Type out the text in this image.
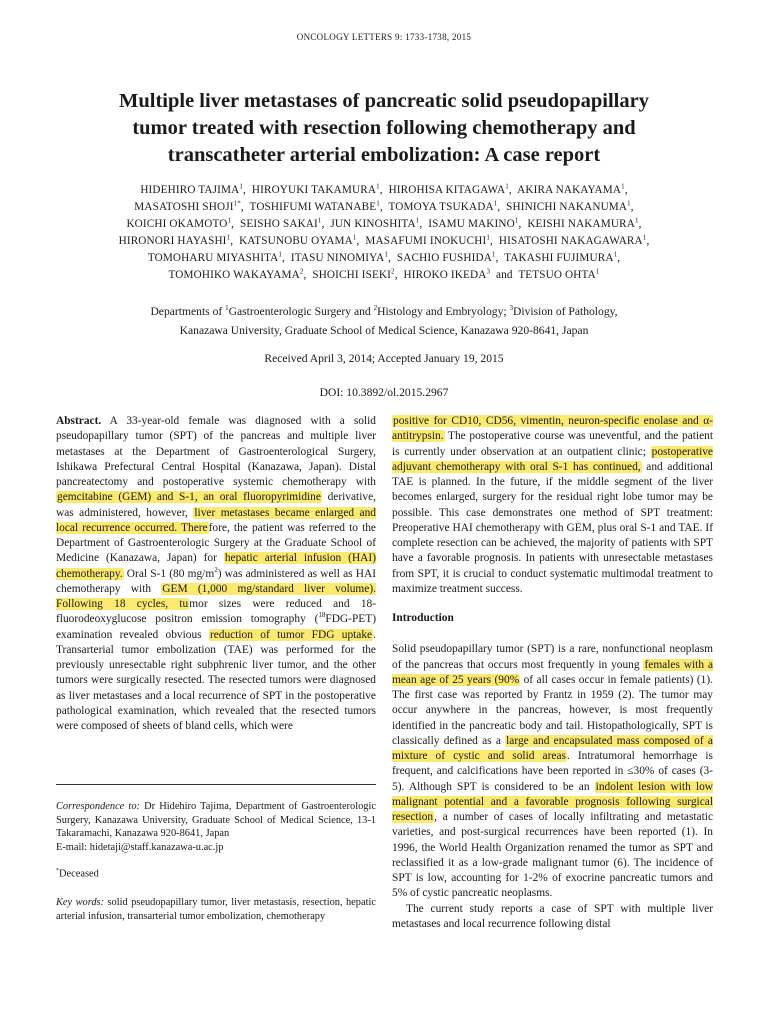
ONCOLOGY LETTERS 9: 1733-1738, 2015
Multiple liver metastases of pancreatic solid pseudopapillary
tumor treated with resection following chemotherapy and
transcatheter arterial embolization: A case report
HIDEHIRO TAJIMA$^1$,  HIROYUKI TAKAMURA$^1$,  HIROHISA KITAGAWA$^1$,  AKIRA NAKAYAMA$^1$,
MASATOSHI $SHOJI^{1*}$,  TOSHIFUMI WATANABE$^1$,  TOMOYA TSUKADA$^1$,  SHINICHI NAKANUMA$^1$,
KOICHI OKAMOTO$^1$,  SEISHO SAKAI$^1$,  JUN KINOSHITA$^1$,  ISAMU MAKINO$^1$,  KEISHI NAKAMURA$^1$,
HIRONORI HAYASHI$^1$,  KATSUNOBU OYAMA$^1$,  MASAFUMI INOKUCHI$^1$,  HISATOSHI NAKAGAWARA$^1$,
TOMOHARU MIYASHITA$^1$,  ITASU NINOMIYA$^1$,  SACHIO FUSHIDA$^1$,  TAKASHI FUJIMURA$^1$,
TOMOHIKO WAKAYAMA$^2$,  SHOICHI ISEKI$^2$,  HIROKO IKEDA$^3$ and TETSUO OHTA$^1$
Departments of $^1$Gastroenterologic Surgery and $^2$Histology and Embryology; $^3$Division of Pathology,
Kanazawa University, Graduate School of Medical Science, Kanazawa 920-8641, Japan
Received April 3, 2014; Accepted January 19, 2015
DOI: 10.3892/ol.2015.2967

Abstract. A 33-year-old female was diagnosed with a solid pseudopapillary tumor (SPT) of the pancreas and multiple liver metastases at the Department of Gastroenterological Surgery, Ishikawa Prefectural Central Hospital (Kanazawa, Japan). Distal pancreatectomy and postoperative systemic chemotherapy with gemcitabine (GEM) and S-1, an oral fluoropyrimidine derivative, was administered, however, liver metastases became enlarged and local recurrence occurred. Therefore, the patient was referred to the Department of Gastroenterologic Surgery at the Graduate School of Medicine (Kanazawa, Japan) for hepatic arterial infusion (HAI) chemotherapy. Oral S-1 (80 $mg/m^2$) was administered as well as HAI chemotherapy with GEM (1,000 mg/standard liver volume). Following 18 cycles, tumor sizes were reduced and 18-fluorodeoxyglucose positron emission tomography ($^{18}$FDG-PET) examination revealed obvious reduction of tumor FDG uptake. Transarterial tumor embolization (TAE) was performed for the previously unresectable right subphrenic liver tumor, and the other tumors were surgically resected. The resected tumors were diagnosed as liver metastases and a local recurrence of SPT in the postoperative pathological examination, which revealed that the resected tumors were composed of sheets of bland cells, which were

Correspondence to: Dr Hidehiro Tajima, Department of Gastroenterologic Surgery, Kanazawa University, Graduate School of Medical Science, 13-1 Takaramachi, Kanazawa 920-8641, Japan
E-mail: hidetaji@staff.kanazawa-u.ac.jp
*Deceased
Key words: solid pseudopapillary tumor, liver metastasis, resection, hepatic arterial infusion, transarterial tumor embolization, chemotherapy

positive for CD10, CD56, vimentin, neuron-specific enolase and α-antitrypsin. The postoperative course was uneventful, and the patient is currently under observation at an outpatient clinic; postoperative adjuvant chemotherapy with oral S-1 has continued, and additional TAE is planned. In the future, if the middle segment of the liver becomes enlarged, surgery for the residual right lobe tumor may be possible. This case demonstrates one method of SPT treatment: Preoperative HAI chemotherapy with GEM, plus oral S-1 and TAE. If complete resection can be achieved, the majority of patients with SPT have a favorable prognosis. In patients with unresectable metastases from SPT, it is crucial to conduct systematic multimodal treatment to maximize treatment success.

Introduction

Solid pseudopapillary tumor (SPT) is a rare, nonfunctional neoplasm of the pancreas that occurs most frequently in young females with a mean age of 25 years (90% of all cases occur in female patients) (1). The first case was reported by Frantz in 1959 (2). The tumor may occur anywhere in the pancreas, however, is most frequently identified in the pancreatic body and tail. Histopathologically, SPT is classically defined as a large and encapsulated mass composed of a mixture of cystic and solid areas. Intratumoral hemorrhage is frequent, and calcifications have been reported in ≤30% of cases (3-5). Although SPT is considered to be an indolent lesion with low malignant potential and a favorable prognosis following surgical resection, a number of cases of locally infiltrating and metastatic varieties, and post-surgical recurrences have been reported (1). In 1996, the World Health Organization renamed the tumor as SPT and reclassified it as a low-grade malignant tumor (6). The incidence of SPT is low, accounting for 1-2% of exocrine pancreatic tumors and 5% of cystic pancreatic neoplasms.

The current study reports a case of SPT with multiple liver metastases and local recurrence following distal
